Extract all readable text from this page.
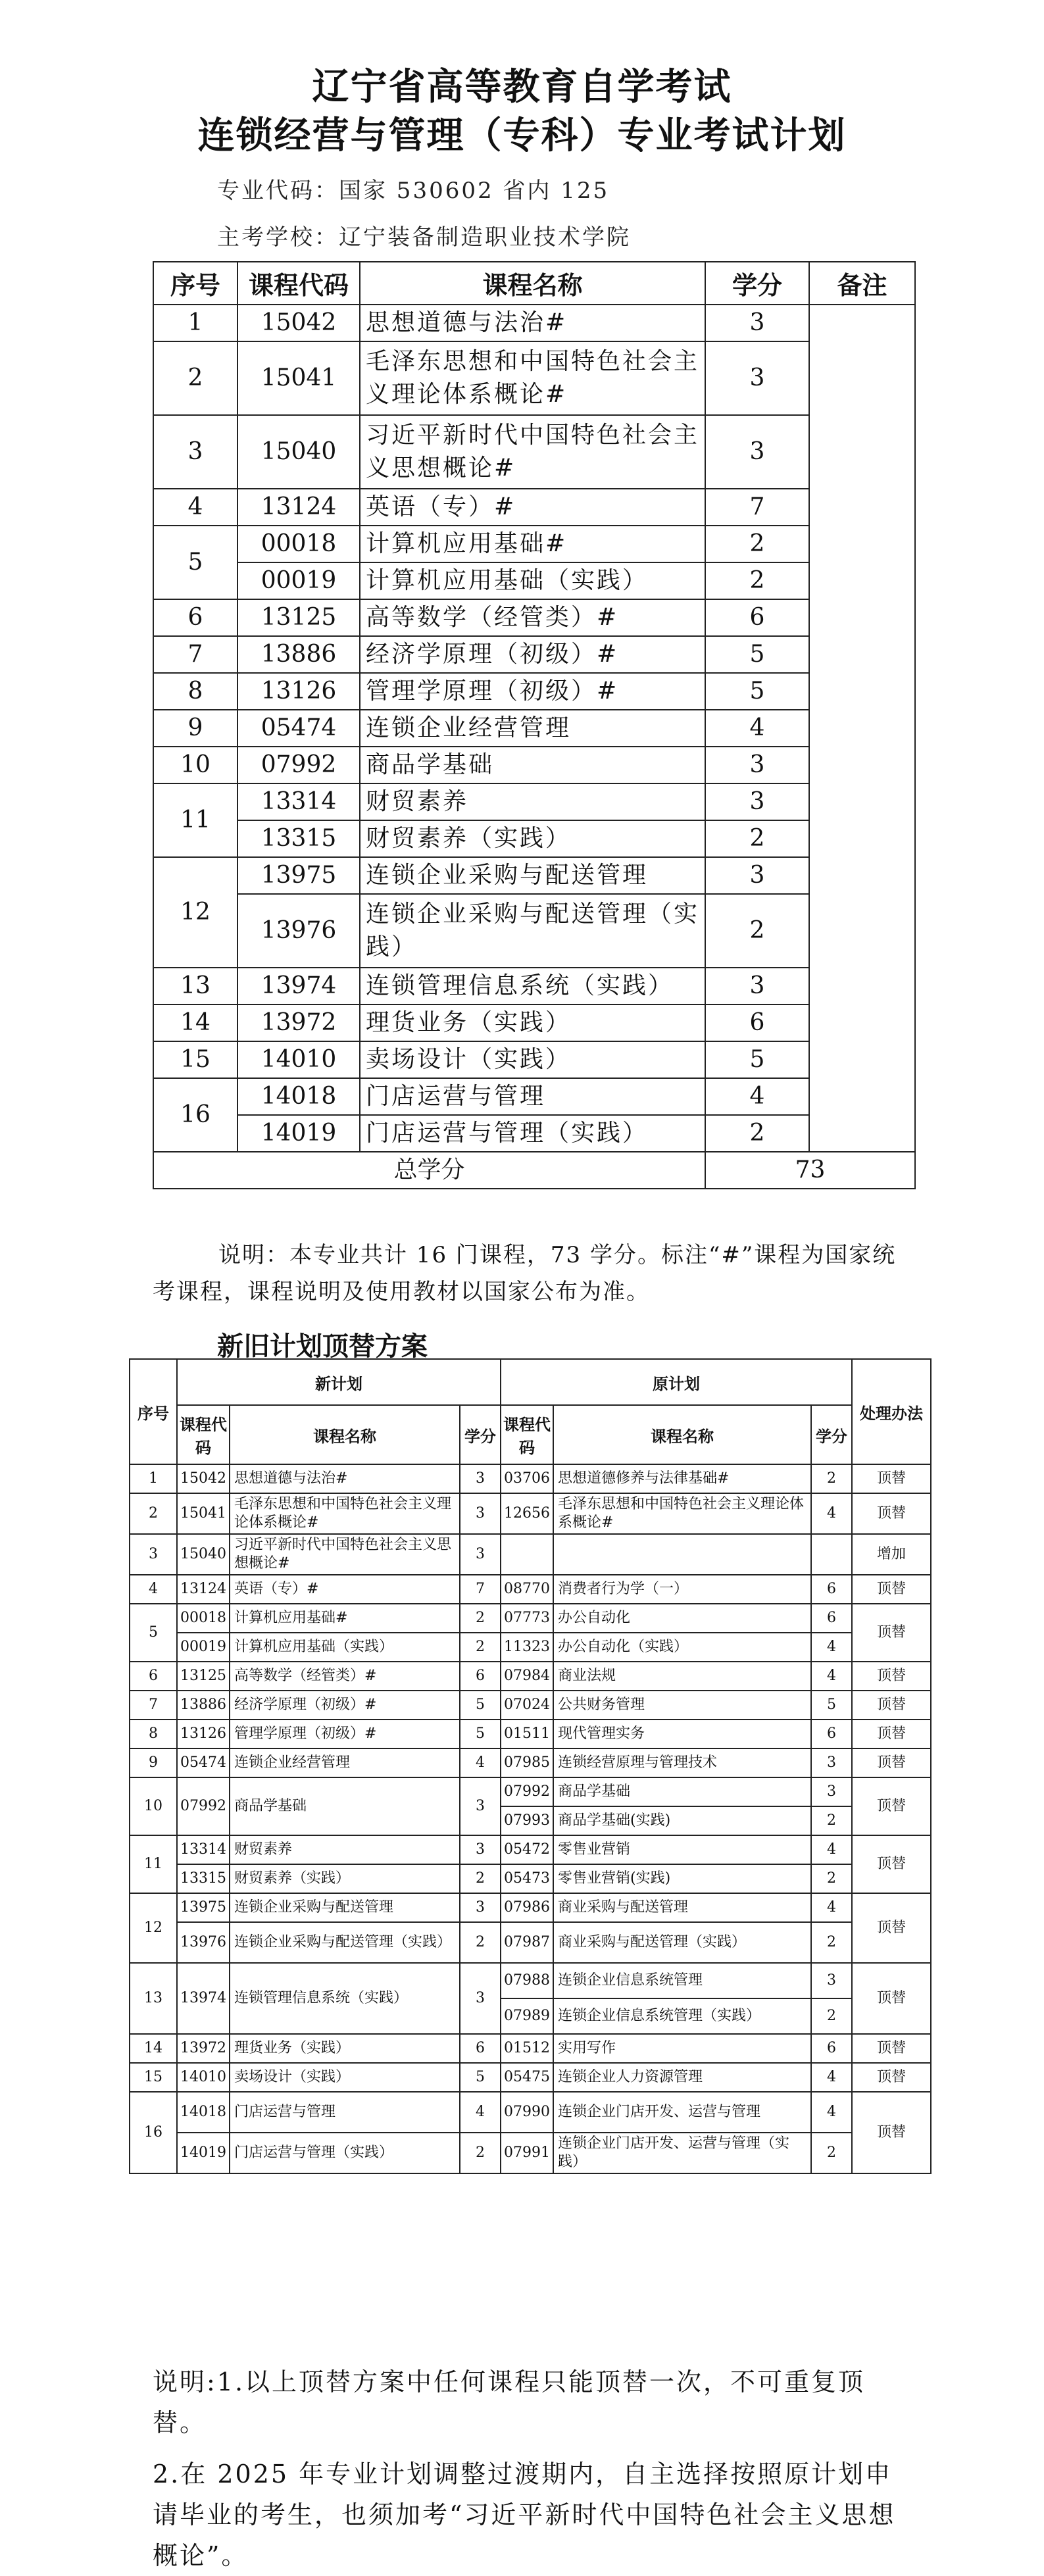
辽宁省高等教育自学考试
连锁经营与管理（专科）专业考试计划
专业代码：国家 530602 省内 125
主考学校：辽宁装备制造职业技术学院
序号	课程代码	课程名称	学分	备注
1	15042	思想道德与法治#	3	
2	15041	毛泽东思想和中国特色社会主义理论体系概论#	3	
3	15040	习近平新时代中国特色社会主义思想概论#	3	
4	13124	英语（专）#	7	
5	00018	计算机应用基础#	2	
	00019	计算机应用基础（实践）	2	
6	13125	高等数学（经管类）#	6	
7	13886	经济学原理（初级）#	5	
8	13126	管理学原理（初级）#	5	
9	05474	连锁企业经营管理	4	
10	07992	商品学基础	3	
11	13314	财贸素养	3	
	13315	财贸素养（实践）	2	
12	13975	连锁企业采购与配送管理	3	
	13976	连锁企业采购与配送管理（实践）	2	
13	13974	连锁管理信息系统（实践）	3	
14	13972	理货业务（实践）	6	
15	14010	卖场设计（实践）	5	
16	14018	门店运营与管理	4	
	14019	门店运营与管理（实践）	2	
总学分			73	
说明：本专业共计 16 门课程，73 学分。标注“#”课程为国家统考课程，课程说明及使用教材以国家公布为准。
新旧计划顶替方案
序号	新计划			原计划			处理办法
	课程代码	课程名称	学分	课程代码	课程名称	学分	
1	15042	思想道德与法治#	3	03706	思想道德修养与法律基础#	2	顶替
2	15041	毛泽东思想和中国特色社会主义理论体系概论#	3	12656	毛泽东思想和中国特色社会主义理论体系概论#	4	顶替
3	15040	习近平新时代中国特色社会主义思想概论#	3				增加
4	13124	英语（专）#	7	08770	消费者行为学（一）	6	顶替
5	00018	计算机应用基础#	2	07773	办公自动化	6	顶替
	00019	计算机应用基础（实践）	2	11323	办公自动化（实践）	4	
6	13125	高等数学（经管类）#	6	07984	商业法规	4	顶替
7	13886	经济学原理（初级）#	5	07024	公共财务管理	5	顶替
8	13126	管理学原理（初级）#	5	01511	现代管理实务	6	顶替
9	05474	连锁企业经营管理	4	07985	连锁经营原理与管理技术	3	顶替
10	07992	商品学基础	3	07992	商品学基础	3	顶替
				07993	商品学基础(实践)	2	
11	13314	财贸素养	3	05472	零售业营销	4	顶替
	13315	财贸素养（实践）	2	05473	零售业营销(实践)	2	
12	13975	连锁企业采购与配送管理	3	07986	商业采购与配送管理	4	顶替
	13976	连锁企业采购与配送管理（实践）	2	07987	商业采购与配送管理（实践）	2	
13	13974	连锁管理信息系统（实践）	3	07988	连锁企业信息系统管理	3	顶替
				07989	连锁企业信息系统管理（实践）	2	
14	13972	理货业务（实践）	6	01512	实用写作	6	顶替
15	14010	卖场设计（实践）	5	05475	连锁企业人力资源管理	4	顶替
16	14018	门店运营与管理	4	07990	连锁企业门店开发、运营与管理	4	顶替
	14019	门店运营与管理（实践）	2	07991	连锁企业门店开发、运营与管理（实践）	2	
说明:1.以上顶替方案中任何课程只能顶替一次，不可重复顶替。
2.在 2025 年专业计划调整过渡期内，自主选择按照原计划申请毕业的考生，也须加考“习近平新时代中国特色社会主义思想概论”。
